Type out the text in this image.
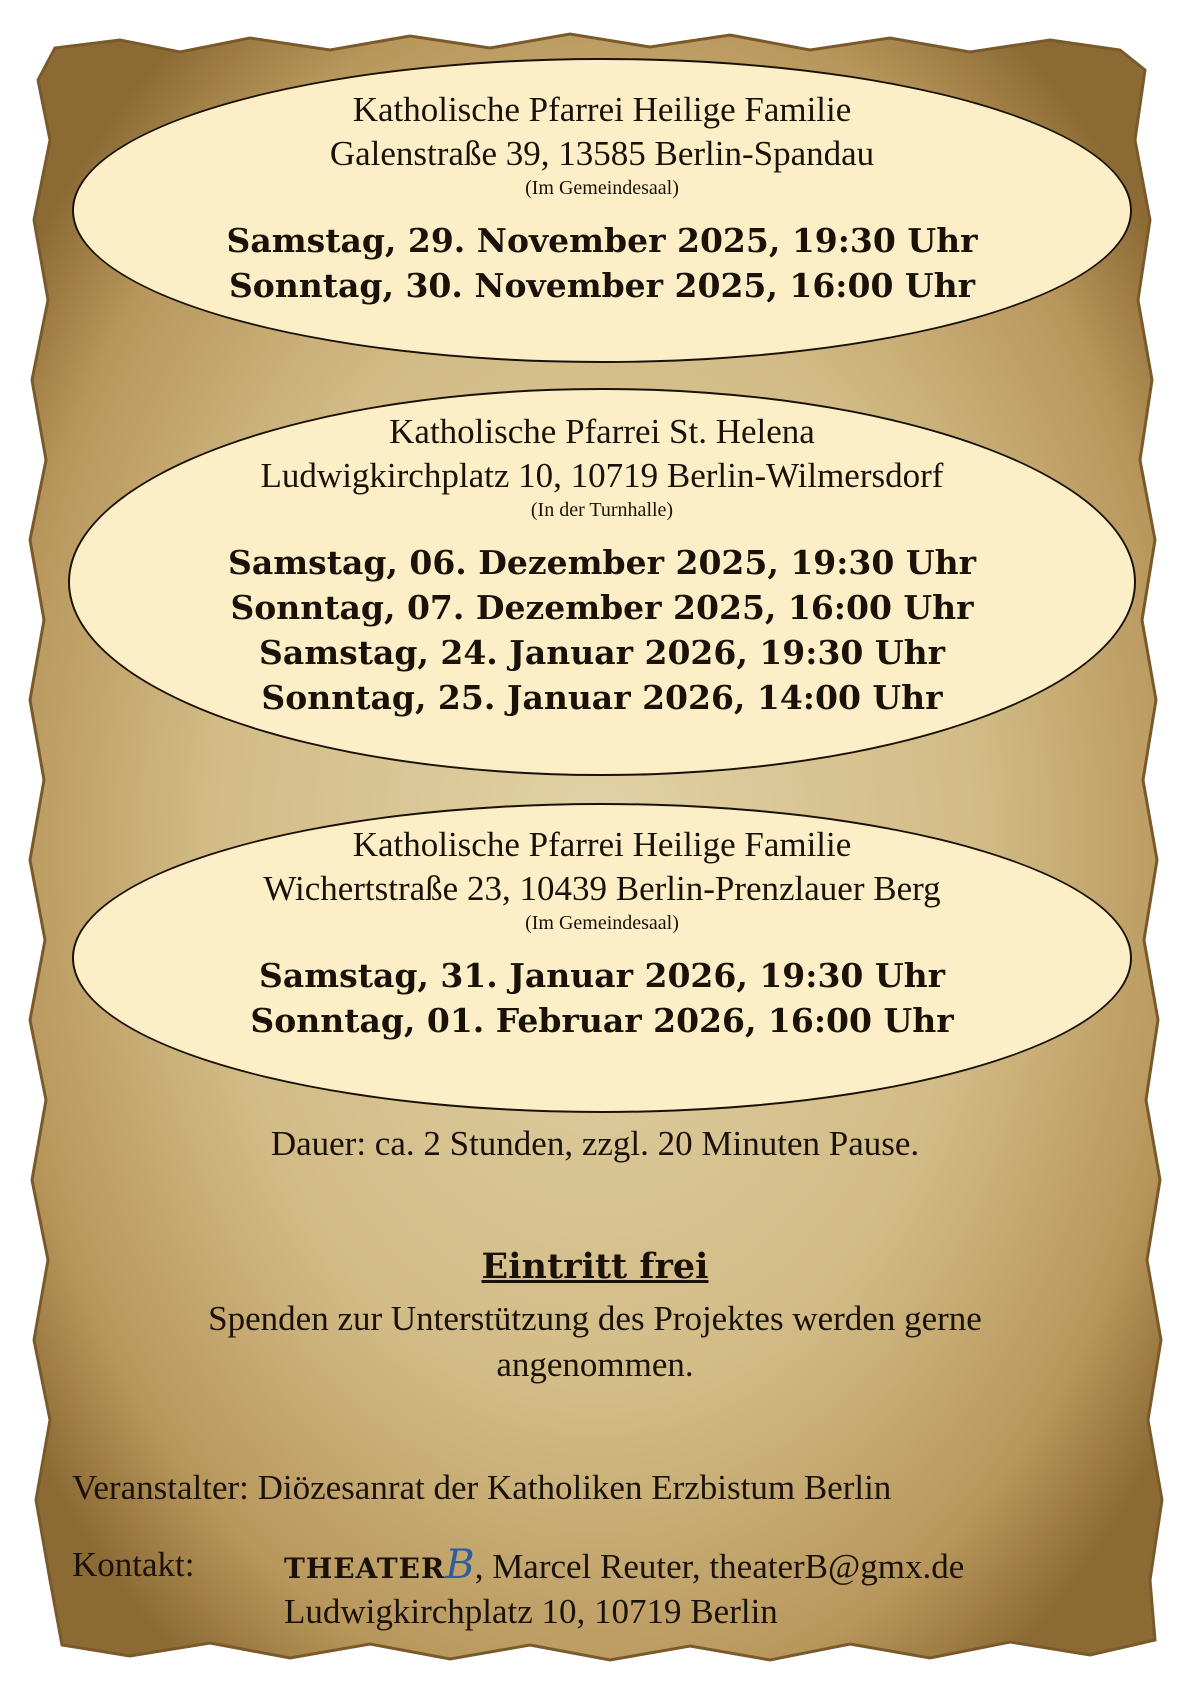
Katholische Pfarrei Heilige Familie
Galenstraße 39, 13585 Berlin-Spandau
(Im Gemeindesaal)
Samstag, 29. November 2025, 19:30 Uhr
Sonntag, 30. November 2025, 16:00 Uhr
Katholische Pfarrei St. Helena
Ludwigkirchplatz 10, 10719 Berlin-Wilmersdorf
(In der Turnhalle)
Samstag, 06. Dezember 2025, 19:30 Uhr
Sonntag, 07. Dezember 2025, 16:00 Uhr
Samstag, 24. Januar 2026, 19:30 Uhr
Sonntag, 25. Januar 2026, 14:00 Uhr
Katholische Pfarrei Heilige Familie
Wichertstraße 23, 10439 Berlin-Prenzlauer Berg
(Im Gemeindesaal)
Samstag, 31. Januar 2026, 19:30 Uhr
Sonntag, 01. Februar 2026, 16:00 Uhr
Dauer: ca. 2 Stunden, zzgl. 20 Minuten Pause.
Eintritt frei
Spenden zur Unterstützung des Projektes werden gerne
angenommen.
Veranstalter: Diözesanrat der Katholiken Erzbistum Berlin
Kontakt:	THEATERB, Marcel Reuter, theaterB@gmx.de
Ludwigkirchplatz 10, 10719 Berlin
